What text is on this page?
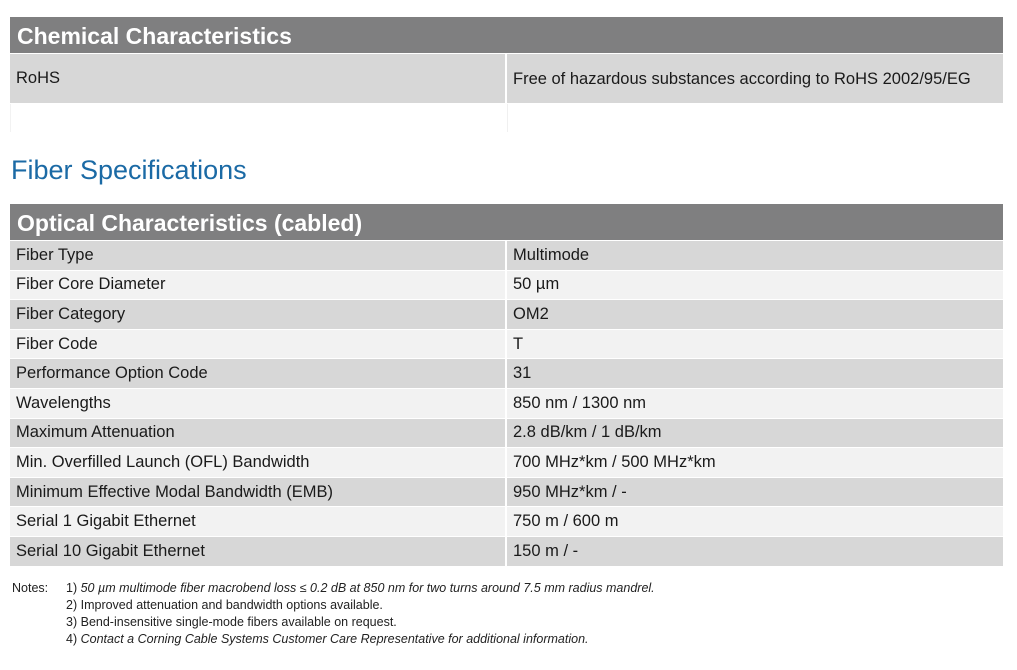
Chemical Characteristics
RoHS	Free of hazardous substances according to RoHS 2002/95/EG
Fiber Specifications
Optical Characteristics (cabled)
Fiber Type	Multimode
Fiber Core Diameter	50 µm
Fiber Category	OM2
Fiber Code	T
Performance Option Code	31
Wavelengths	850 nm / 1300 nm
Maximum Attenuation	2.8 dB/km / 1 dB/km
Min. Overfilled Launch (OFL) Bandwidth	700 MHz*km / 500 MHz*km
Minimum Effective Modal Bandwidth (EMB)	950 MHz*km / -
Serial 1 Gigabit Ethernet	750 m / 600 m
Serial 10 Gigabit Ethernet	150 m / -
Notes: 1) 50 µm multimode fiber macrobend loss ≤ 0.2 dB at 850 nm for two turns around 7.5 mm radius mandrel.
2) Improved attenuation and bandwidth options available.
3) Bend-insensitive single-mode fibers available on request.
4) Contact a Corning Cable Systems Customer Care Representative for additional information.
